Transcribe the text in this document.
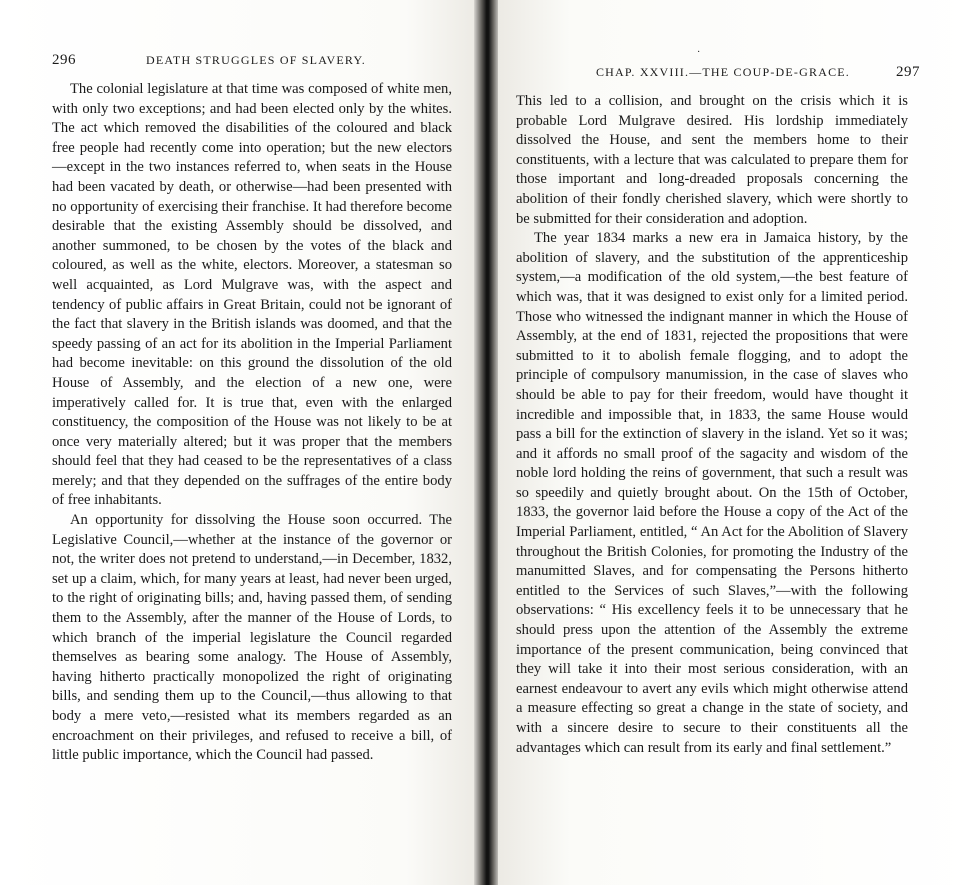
296	DEATH STRUGGLES OF SLAVERY.

The colonial legislature at that time was composed of white men, with only two exceptions; and had been elected only by the whites. The act which removed the disabilities of the coloured and black free people had recently come into operation; but the new electors—except in the two instances referred to, when seats in the House had been vacated by death, or otherwise—had been presented with no opportunity of exercising their franchise. It had therefore become desirable that the existing Assembly should be dissolved, and another summoned, to be chosen by the votes of the black and coloured, as well as the white, electors. Moreover, a statesman so well acquainted, as Lord Mulgrave was, with the aspect and tendency of public affairs in Great Britain, could not be ignorant of the fact that slavery in the British islands was doomed, and that the speedy passing of an act for its abolition in the Imperial Parliament had become inevitable: on this ground the dissolution of the old House of Assembly, and the election of a new one, were imperatively called for. It is true that, even with the enlarged constituency, the composition of the House was not likely to be at once very materially altered; but it was proper that the members should feel that they had ceased to be the representatives of a class merely; and that they depended on the suffrages of the entire body of free inhabitants.

An opportunity for dissolving the House soon occurred. The Legislative Council,—whether at the instance of the governor or not, the writer does not pretend to understand,—in December, 1832, set up a claim, which, for many years at least, had never been urged, to the right of originating bills; and, having passed them, of sending them to the Assembly, after the manner of the House of Lords, to which branch of the imperial legislature the Council regarded themselves as bearing some analogy. The House of Assembly, having hitherto practically monopolized the right of originating bills, and sending them up to the Council,—thus allowing to that body a mere veto,—resisted what its members regarded as an encroachment on their privileges, and refused to receive a bill, of little public importance, which the Council had passed.

CHAP. XXVIII.—THE COUP-DE-GRACE.	297

This led to a collision, and brought on the crisis which it is probable Lord Mulgrave desired. His lordship immediately dissolved the House, and sent the members home to their constituents, with a lecture that was calculated to prepare them for those important and long-dreaded proposals concerning the abolition of their fondly cherished slavery, which were shortly to be submitted for their consideration and adoption.

The year 1834 marks a new era in Jamaica history, by the abolition of slavery, and the substitution of the apprenticeship system,—a modification of the old system,—the best feature of which was, that it was designed to exist only for a limited period. Those who witnessed the indignant manner in which the House of Assembly, at the end of 1831, rejected the propositions that were submitted to it to abolish female flogging, and to adopt the principle of compulsory manumission, in the case of slaves who should be able to pay for their freedom, would have thought it incredible and impossible that, in 1833, the same House would pass a bill for the extinction of slavery in the island. Yet so it was; and it affords no small proof of the sagacity and wisdom of the noble lord holding the reins of government, that such a result was so speedily and quietly brought about. On the 15th of October, 1833, the governor laid before the House a copy of the Act of the Imperial Parliament, entitled, “ An Act for the Abolition of Slavery throughout the British Colonies, for promoting the Industry of the manumitted Slaves, and for compensating the Persons hitherto entitled to the Services of such Slaves,”—with the following observations: “ His excellency feels it to be unnecessary that he should press upon the attention of the Assembly the extreme importance of the present communication, being convinced that they will take it into their most serious consideration, with an earnest endeavour to avert any evils which might otherwise attend a measure effecting so great a change in the state of society, and with a sincere desire to secure to their constituents all the advantages which can result from its early and final settlement.”

·
